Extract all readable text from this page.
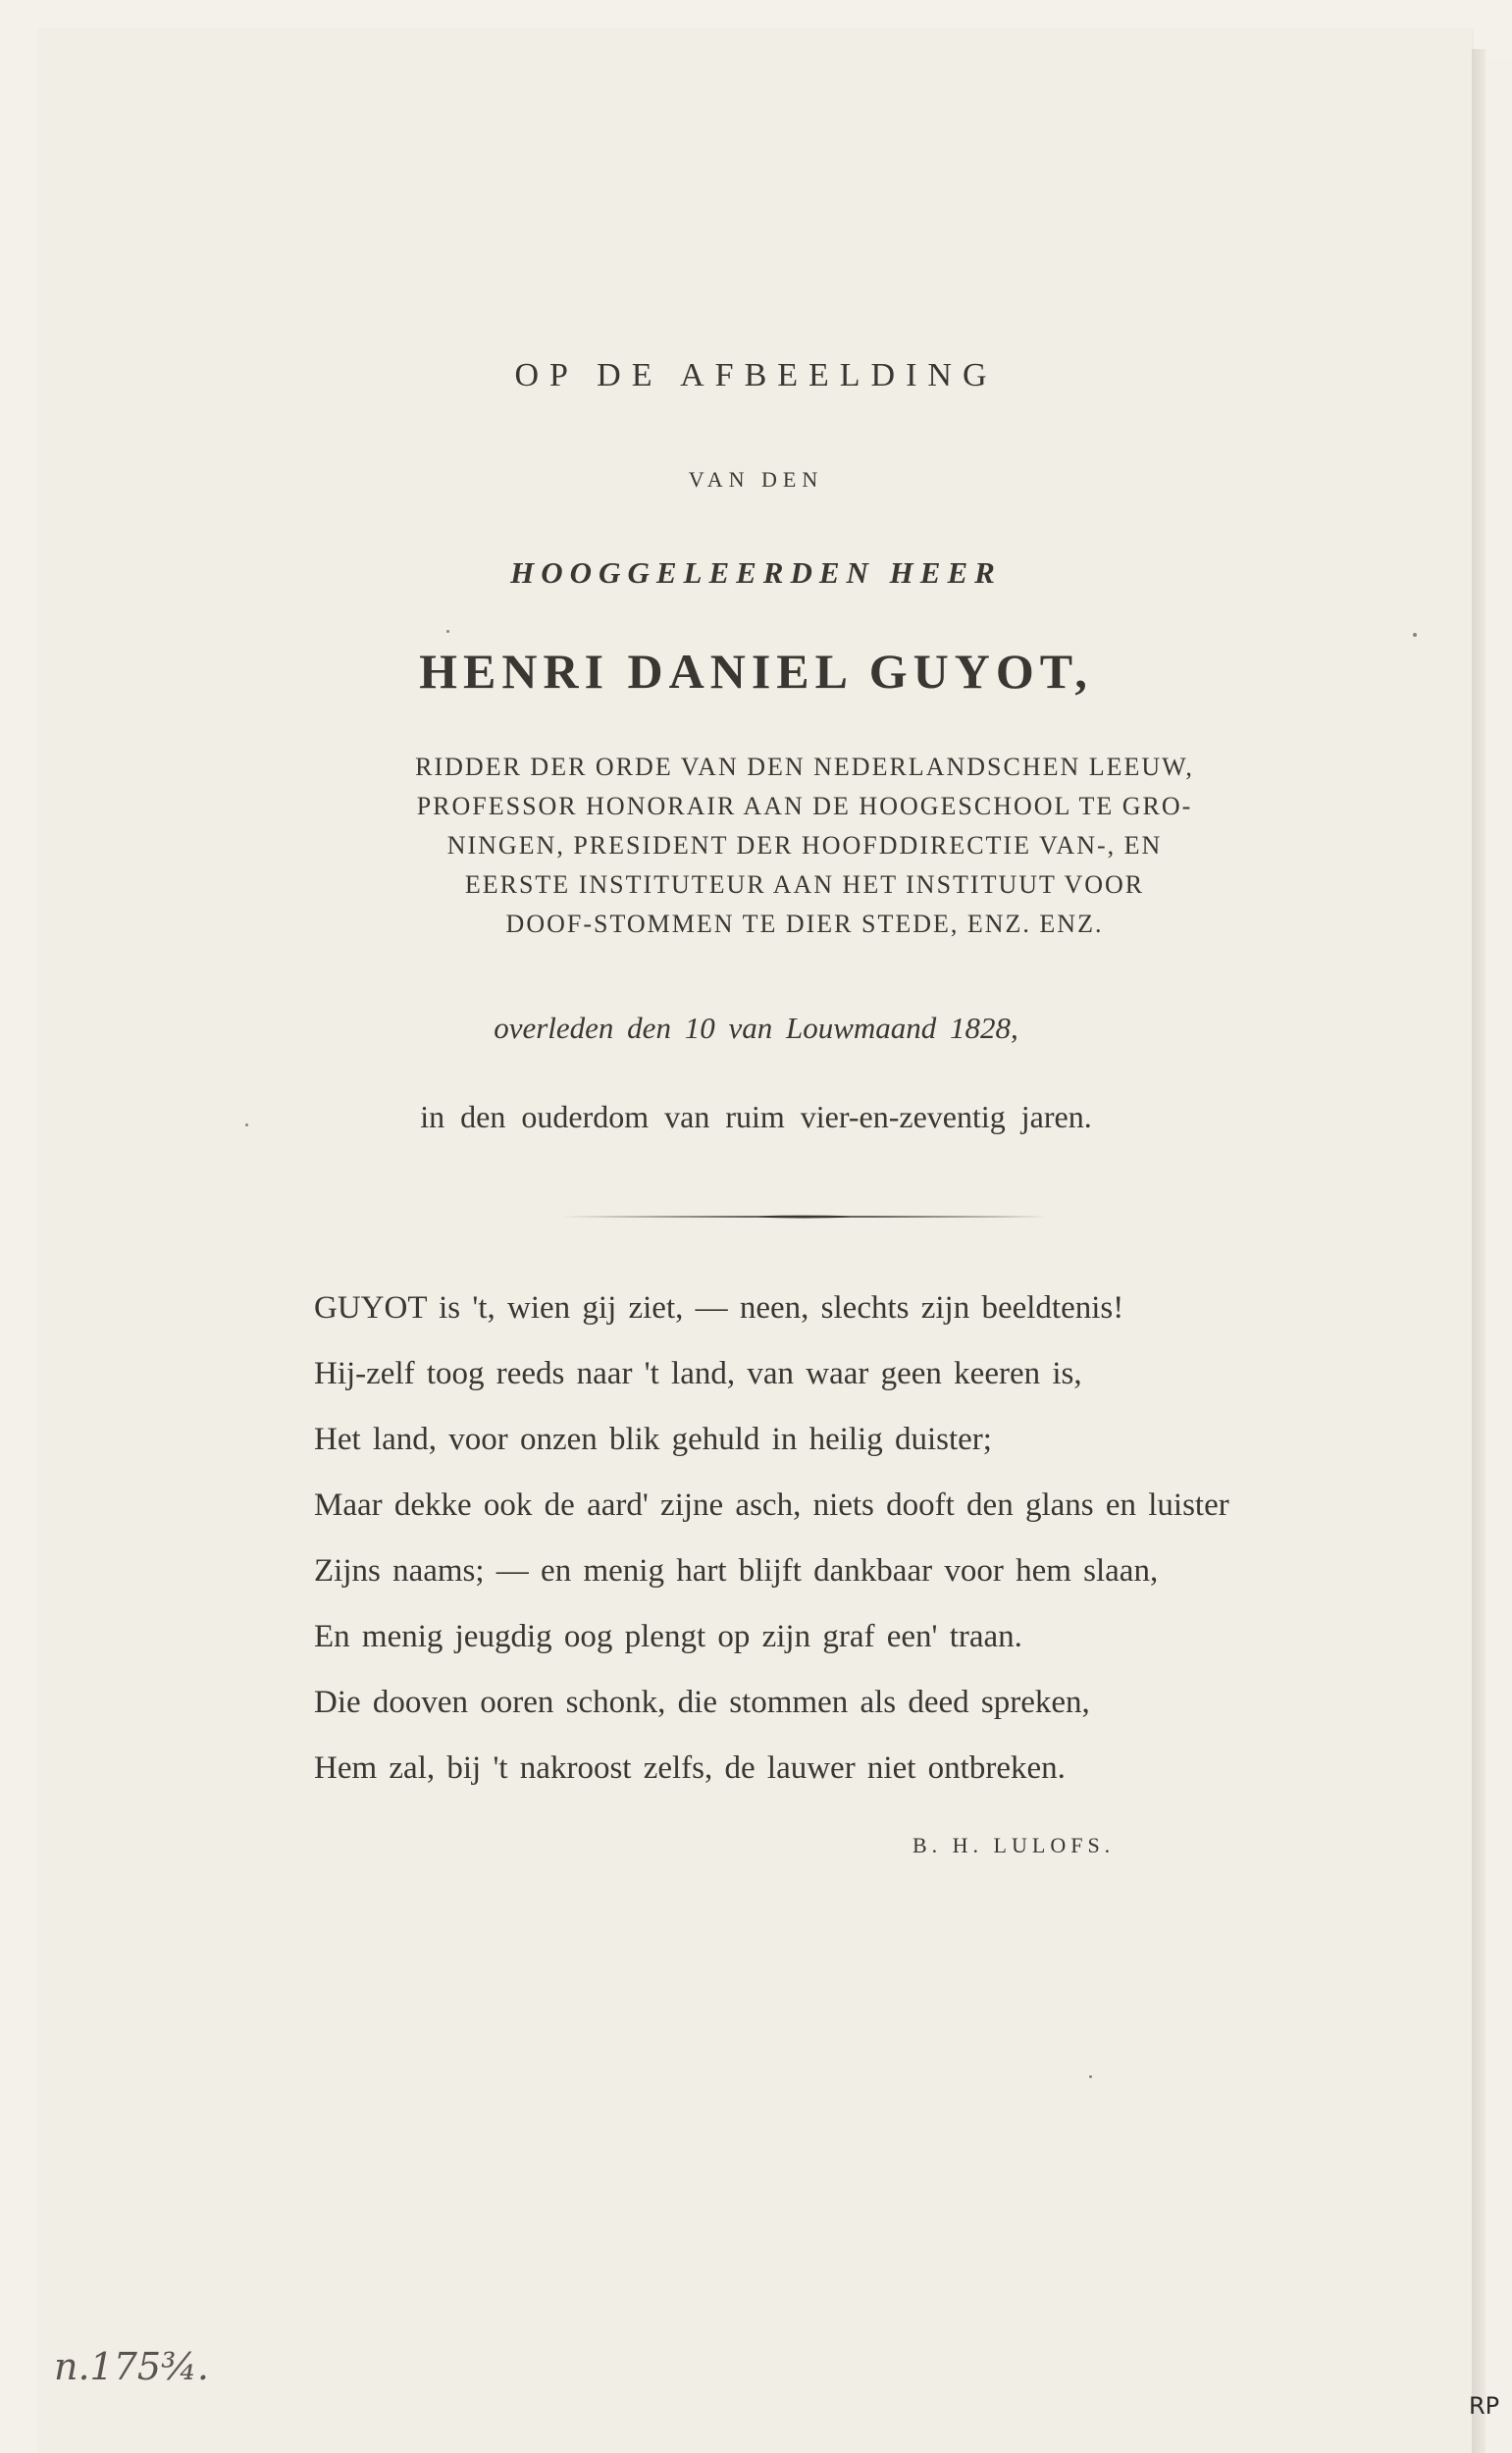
OP DE AFBEELDING
VAN DEN
HOOGGELEERDEN HEER
HENRI DANIEL GUYOT,
RIDDER DER ORDE VAN DEN NEDERLANDSCHEN LEEUW,
PROFESSOR HONORAIR AAN DE HOOGESCHOOL TE GRO-
NINGEN, PRESIDENT DER HOOFDDIRECTIE VAN-, EN
EERSTE INSTITUTEUR AAN HET INSTITUUT VOOR
DOOF-STOMMEN TE DIER STEDE, ENZ. ENZ.
overleden den 10 van Louwmaand 1828,
in den ouderdom van ruim vier-en-zeventig jaren.
GUYOT is 't, wien gij ziet, — neen, slechts zijn beeldtenis!
Hij-zelf toog reeds naar 't land, van waar geen keeren is,
Het land, voor onzen blik gehuld in heilig duister;
Maar dekke ook de aard' zijne asch, niets dooft den glans en luister
Zijns naams; — en menig hart blijft dankbaar voor hem slaan,
En menig jeugdig oog plengt op zijn graf een' traan.
Die dooven ooren schonk, die stommen als deed spreken,
Hem zal, bij 't nakroost zelfs, de lauwer niet ontbreken.
B. H. LULOFS.
n.175¾.
RP
